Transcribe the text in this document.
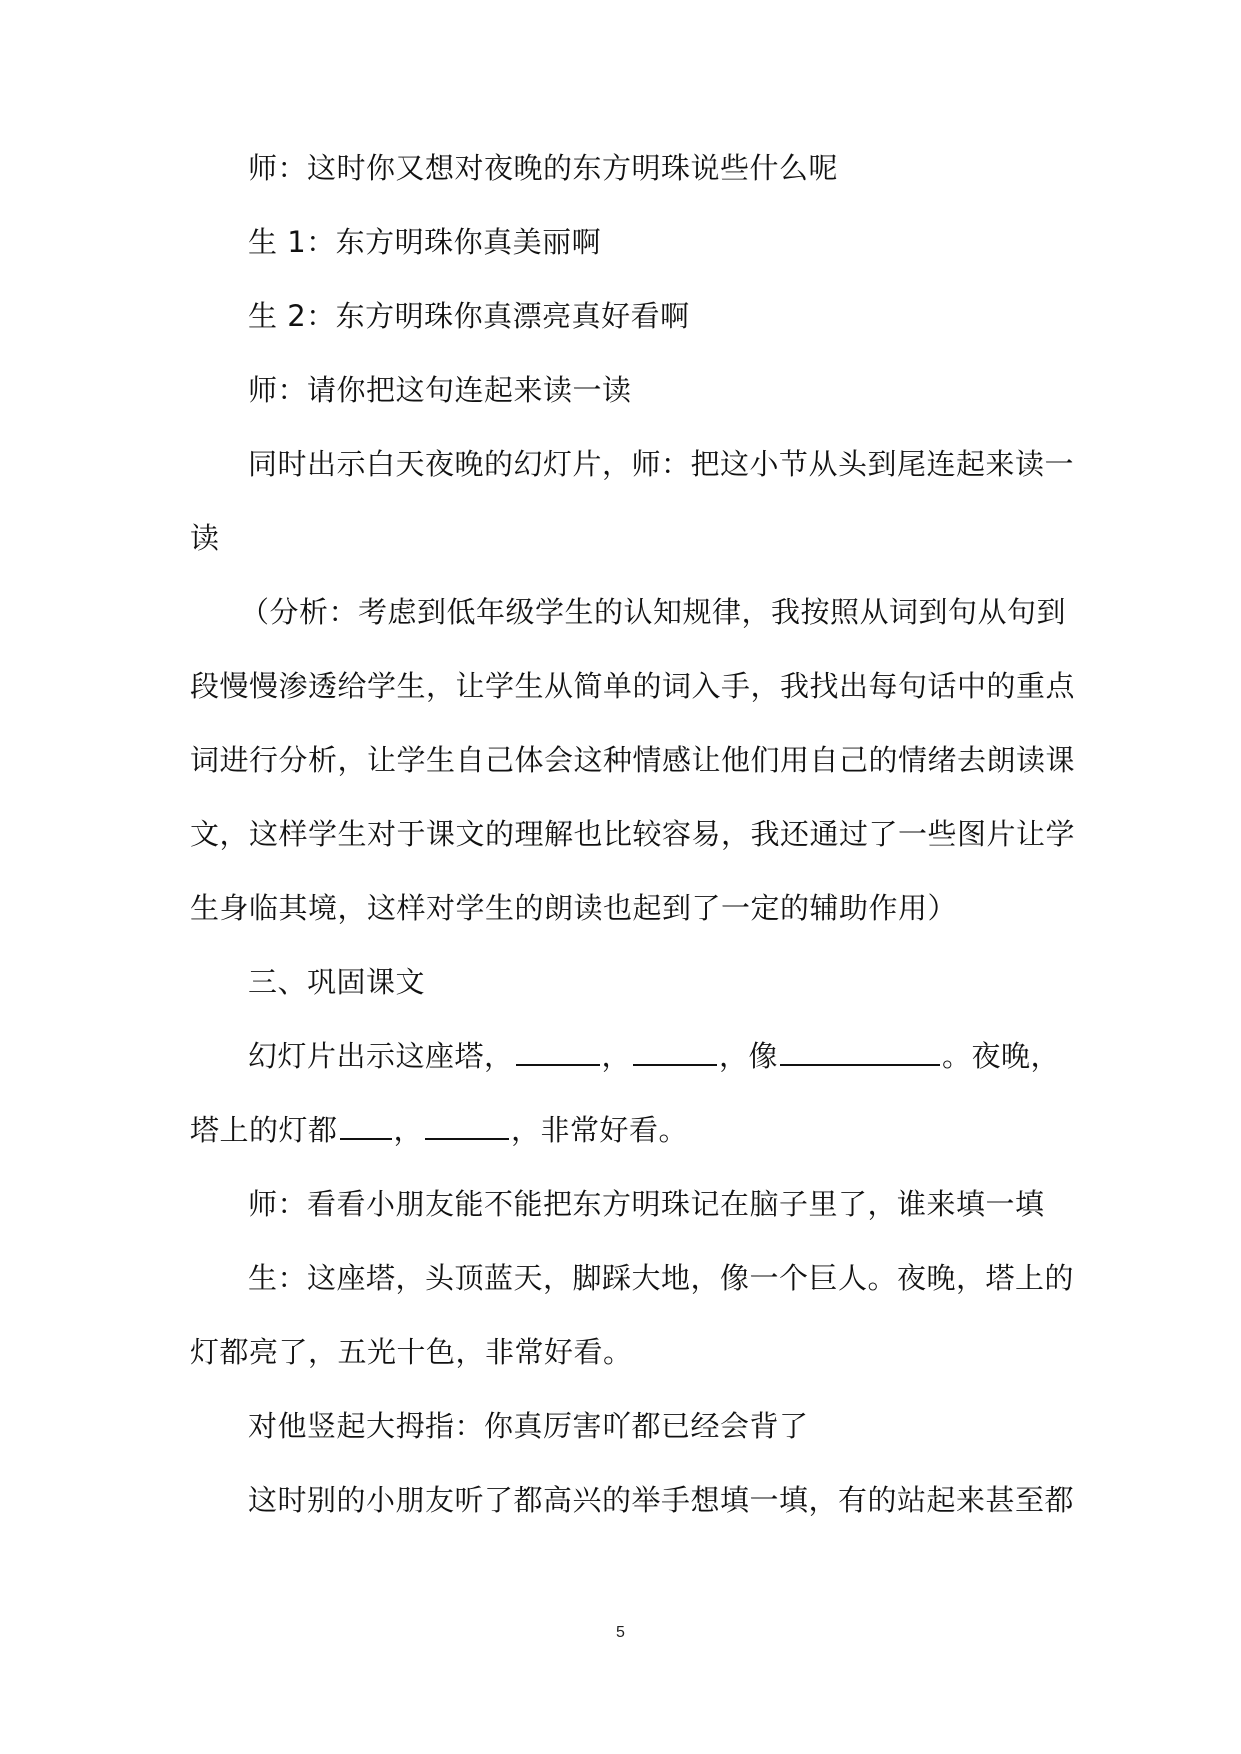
师：这时你又想对夜晚的东方明珠说些什么呢
生 1：东方明珠你真美丽啊
生 2：东方明珠你真漂亮真好看啊
师：请你把这句连起来读一读
同时出示白天夜晚的幻灯片，师：把这小节从头到尾连起来读一
读
（分析：考虑到低年级学生的认知规律，我按照从词到句从句到
段慢慢渗透给学生，让学生从简单的词入手，我找出每句话中的重点
词进行分析，让学生自己体会这种情感让他们用自己的情绪去朗读课
文，这样学生对于课文的理解也比较容易，我还通过了一些图片让学
生身临其境，这样对学生的朗读也起到了一定的辅助作用）
三、巩固课文
幻灯片出示这座塔，	，	，像	。夜晚，
塔上的灯都 ，	，非常好看。
师：看看小朋友能不能把东方明珠记在脑子里了，谁来填一填
生：这座塔，头顶蓝天，脚踩大地，像一个巨人。夜晚，塔上的
灯都亮了，五光十色，非常好看。
对他竖起大拇指：你真厉害吖都已经会背了
这时别的小朋友听了都高兴的举手想填一填，有的站起来甚至都
5
